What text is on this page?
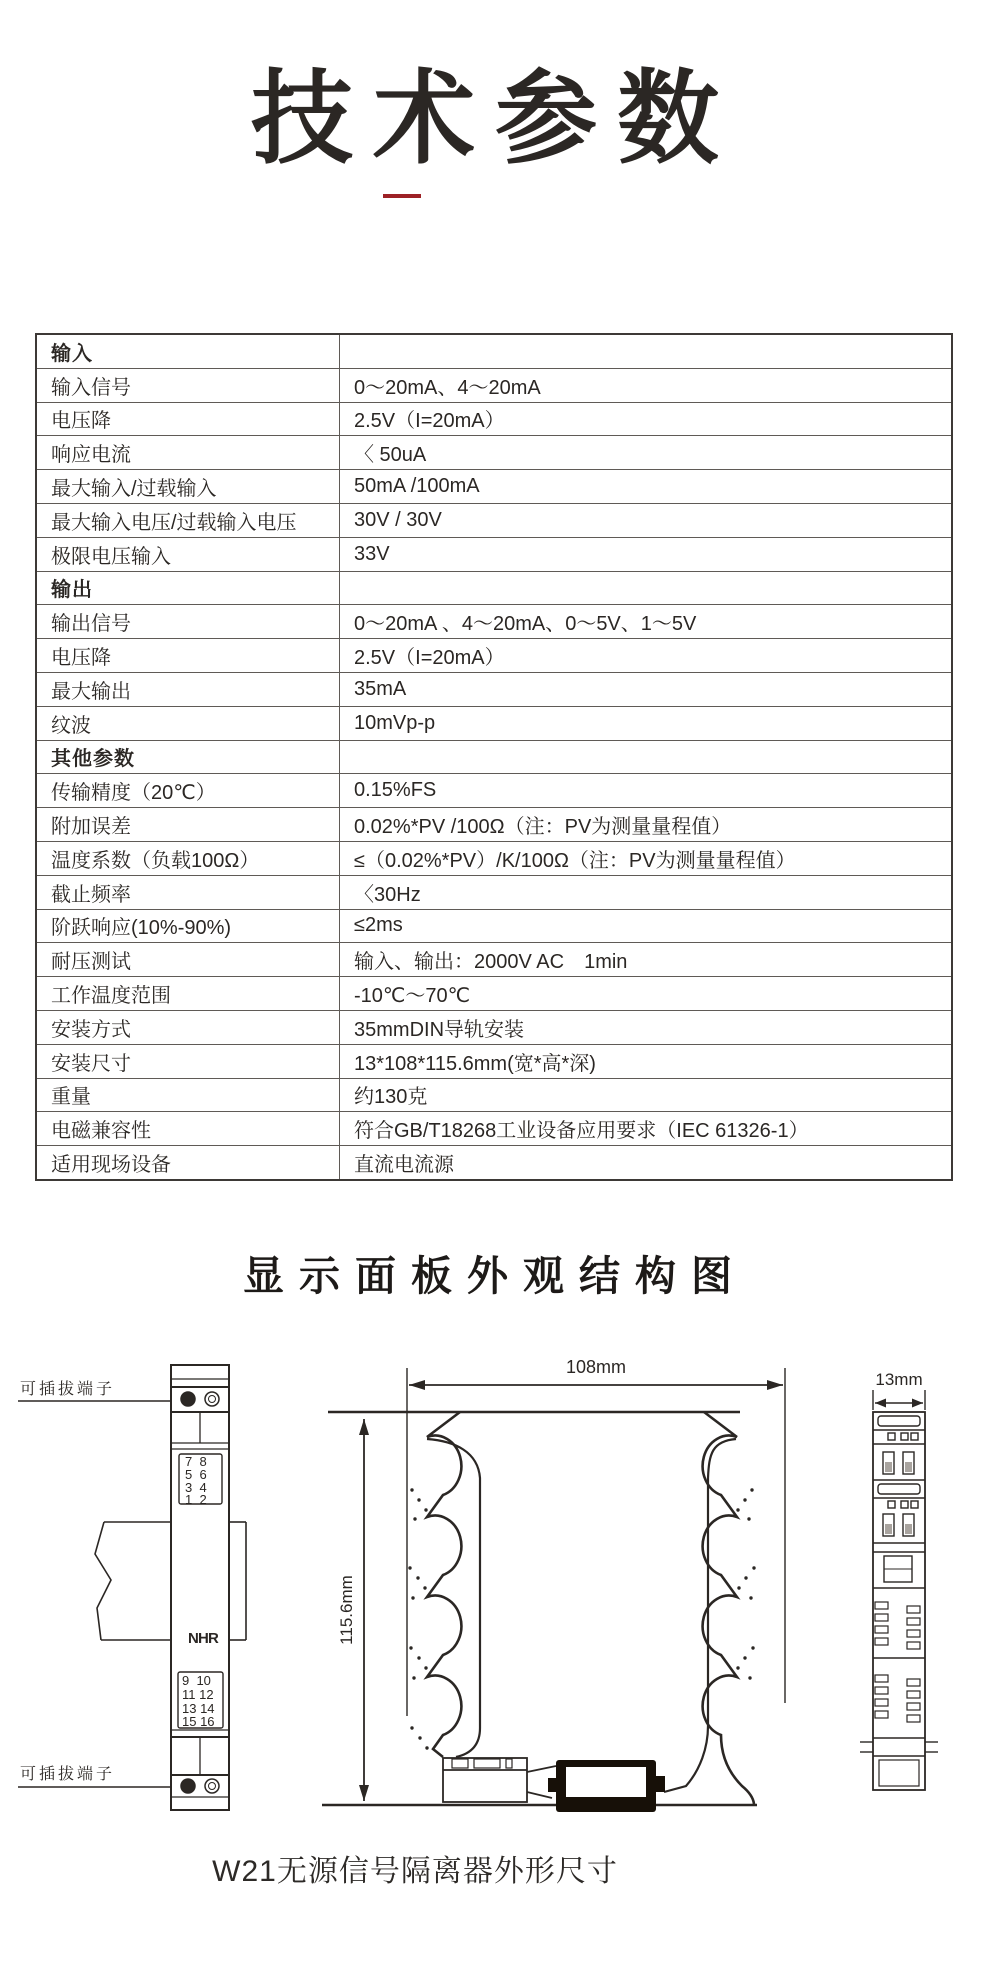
技术参数
输入
输入信号	0～20mA、4～20mA
电压降	2.5V（I=20mA）
响应电流	〈 50uA
最大输入/过载输入	50mA /100mA
最大输入电压/过载输入电压	30V / 30V
极限电压输入	33V
输出
输出信号	0～20mA 、4～20mA、0～5V、1～5V
电压降	2.5V（I=20mA）
最大输出	35mA
纹波	10mVp-p
其他参数
传输精度（20℃）	0.15%FS
附加误差	0.02%*PV /100Ω（注：PV为测量量程值）
温度系数（负载100Ω）	≤（0.02%*PV）/K/100Ω（注：PV为测量量程值）
截止频率	〈30Hz
阶跃响应(10%-90%)	≤2ms
耐压测试	输入、输出：2000V AC　1min
工作温度范围	-10℃～70℃
安装方式	35mmDIN导轨安装
安装尺寸	13*108*115.6mm(宽*高*深)
重量	约130克
电磁兼容性	符合GB/T18268工业设备应用要求（IEC 61326-1）
适用现场设备	直流电流源
显示面板外观结构图
7  8
5  6
3  4
1  2
9  10
11 12
13 14
15 16
N H R
可插拔端子
可插拔端子
108mm
115.6mm
13mm
W21无源信号隔离器外形尺寸
